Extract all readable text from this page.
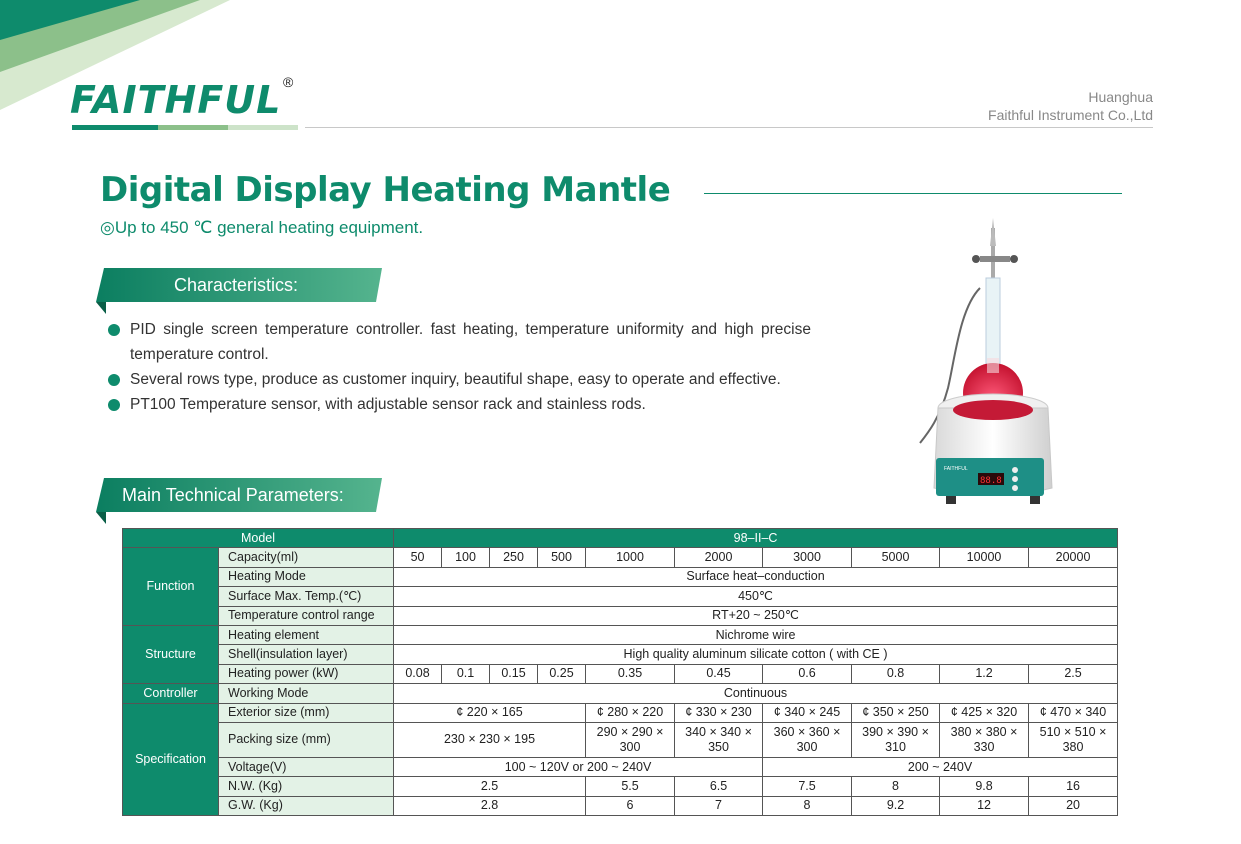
FAITHFUL ®
Huanghua
Faithful Instrument Co.,Ltd
Digital Display Heating Mantle
◎Up to 450 ℃ general heating equipment.
Characteristics:
PID single screen temperature controller. fast heating, temperature uniformity and high precise temperature control.
Several rows type, produce as customer inquiry, beautiful shape, easy to operate and effective.
PT100 Temperature sensor, with adjustable sensor rack and stainless rods.
88.8
FAITHFUL
Main Technical Parameters:
Model		98–II–C									
Function	Capacity(ml)	50	100	250	500	1000	2000	3000	5000	10000	20000
	Heating Mode	Surface heat–conduction									
	Surface Max. Temp.(℃)	450℃									
	Temperature control range	RT+20 ~ 250℃									
Structure	Heating element	Nichrome wire									
	Shell(insulation layer)	High quality aluminum silicate cotton ( with CE )									
	Heating power (kW)	0.08	0.1	0.15	0.25	0.35	0.45	0.6	0.8	1.2	2.5
Controller	Working Mode	Continuous									
Specification	Exterior size (mm)	¢ 220 × 165				¢ 280 × 220	¢ 330 × 230	¢ 340 × 245	¢ 350 × 250	¢ 425 × 320	¢ 470 × 340
	Packing size (mm)	230 × 230 × 195				290 × 290 × 300	340 × 340 × 350	360 × 360 × 300	390 × 390 × 310	380 × 380 × 330	510 × 510 × 380
	Voltage(V)	100 ~ 120V or 200 ~ 240V						200 ~ 240V			
	N.W. (Kg)	2.5				5.5	6.5	7.5	8	9.8	16
	G.W. (Kg)	2.8				6	7	8	9.2	12	20
